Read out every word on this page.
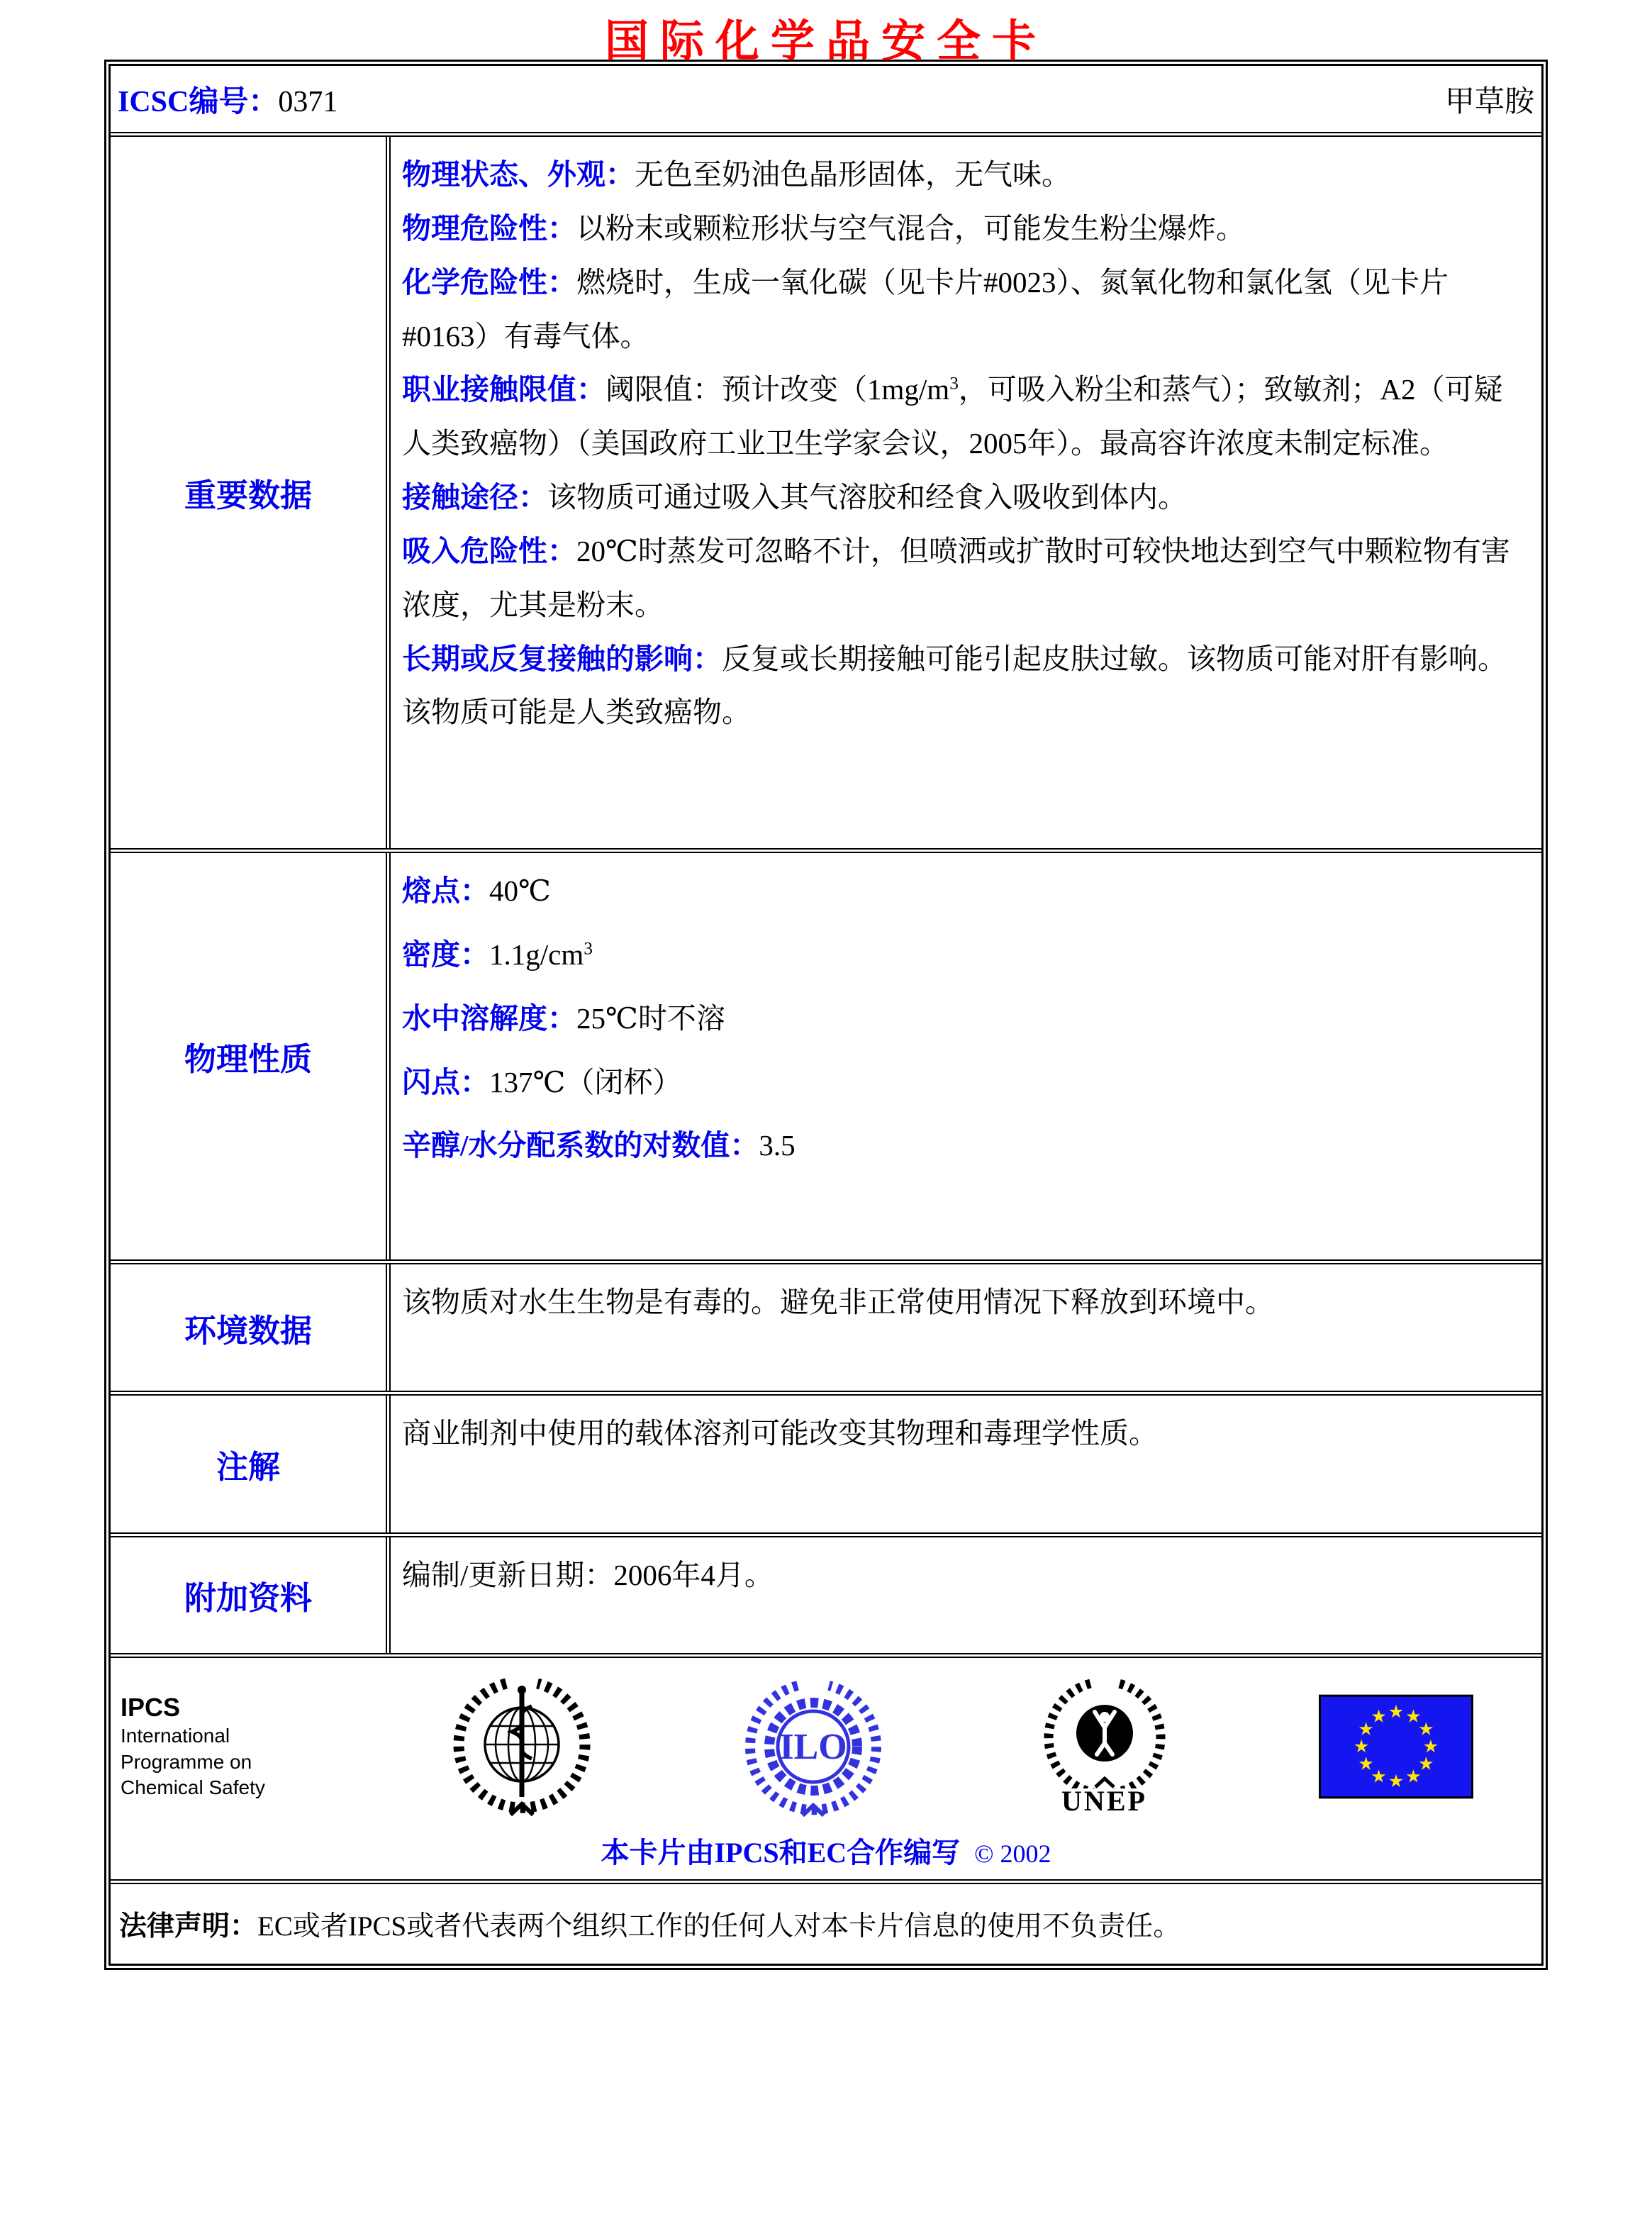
国际化学品安全卡
ICSC编号：0371	甲草胺
重要数据
物理状态、外观：无色至奶油色晶形固体，无气味。
物理危险性：以粉末或颗粒形状与空气混合，可能发生粉尘爆炸。
化学危险性：燃烧时，生成一氧化碳（见卡片#0023）、氮氧化物和氯化氢（见卡片#0163）有毒气体。
职业接触限值：阈限值：预计改变（$1mg/m^3$，可吸入粉尘和蒸气）；致敏剂；A2（可疑人类致癌物）（美国政府工业卫生学家会议，2005年）。最高容许浓度未制定标准。
接触途径：该物质可通过吸入其气溶胶和经食入吸收到体内。
吸入危险性：20℃时蒸发可忽略不计，但喷洒或扩散时可较快地达到空气中颗粒物有害浓度，尤其是粉末。
长期或反复接触的影响：反复或长期接触可能引起皮肤过敏。该物质可能对肝有影响。该物质可能是人类致癌物。
物理性质
熔点：40℃
密度：$1.1g/cm^3$
水中溶解度：25℃时不溶
闪点：137℃（闭杯）
辛醇/水分配系数的对数值：3.5
环境数据
该物质对水生生物是有毒的。避免非正常使用情况下释放到环境中。
注解
商业制剂中使用的载体溶剂可能改变其物理和毒理学性质。
附加资料
编制/更新日期：2006年4月。
IPCS
International
Programme on
Chemical Safety
ILO
UNEP
本卡片由IPCS和EC合作编写 © 2002
法律声明：EC或者IPCS或者代表两个组织工作的任何人对本卡片信息的使用不负责任。
